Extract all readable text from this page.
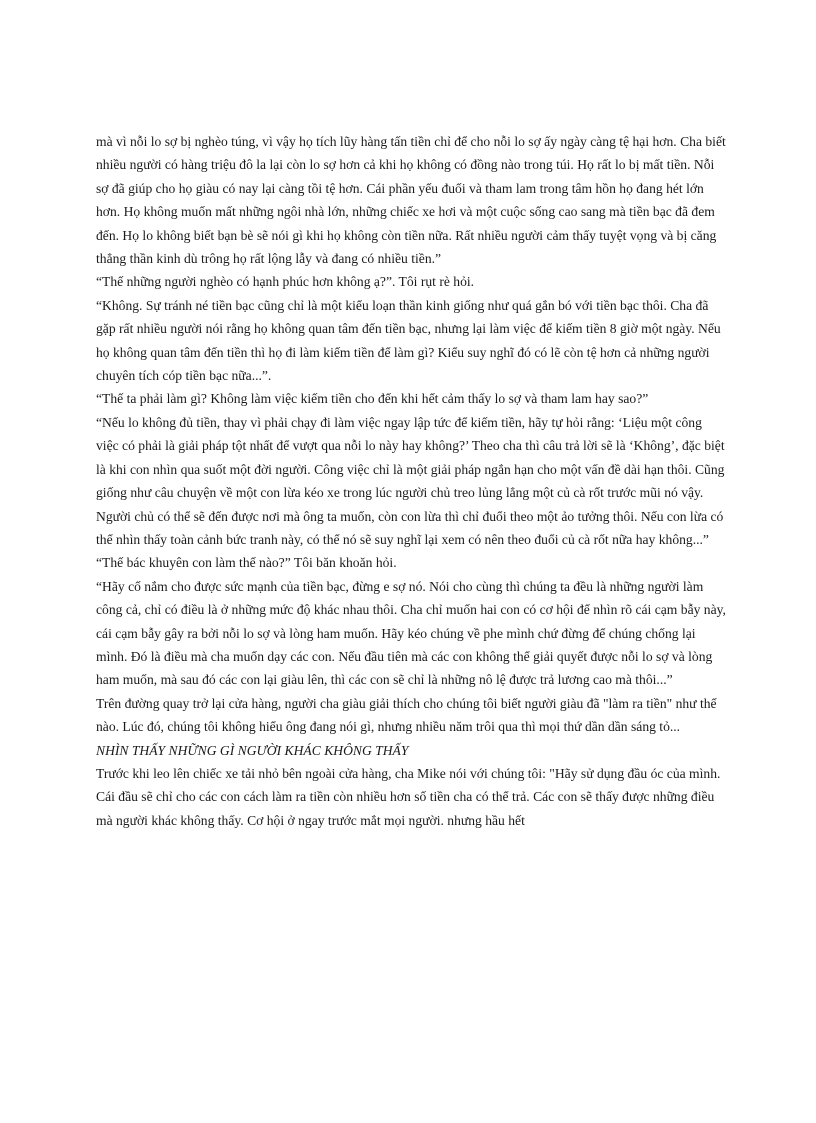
mà vì nỗi lo sợ bị nghèo túng, vì vậy họ tích lũy hàng tấn tiền chỉ để cho nỗi lo sợ ấy ngày càng tệ hại hơn. Cha biết nhiều người có hàng triệu đô la lại còn lo sợ hơn cả khi họ không có đồng nào trong túi. Họ rất lo bị mất tiền. Nỗi sợ đã giúp cho họ giàu có nay lại càng tồi tệ hơn. Cái phần yếu đuối và tham lam trong tâm hồn họ đang hét lớn hơn. Họ không muốn mất những ngôi nhà lớn, những chiếc xe hơi và một cuộc sống cao sang mà tiền bạc đã đem đến. Họ lo không biết bạn bè sẽ nói gì khi họ không còn tiền nữa. Rất nhiều người cảm thấy tuyệt vọng và bị căng thẳng thần kinh dù trông họ rất lộng lẫy và đang có nhiều tiền.”

“Thế những người nghèo có hạnh phúc hơn không ạ?”. Tôi rụt rè hỏi.

“Không. Sự tránh né tiền bạc cũng chỉ là một kiểu loạn thần kinh giống như quá gắn bó với tiền bạc thôi. Cha đã gặp rất nhiều người nói rằng họ không quan tâm đến tiền bạc, nhưng lại làm việc để kiếm tiền 8 giờ một ngày. Nếu họ không quan tâm đến tiền thì họ đi làm kiếm tiền để làm gì? Kiểu suy nghĩ đó có lẽ còn tệ hơn cả những người chuyên tích cóp tiền bạc nữa...”.

“Thế ta phải làm gì? Không làm việc kiếm tiền cho đến khi hết cảm thấy lo sợ và tham lam hay sao?”

“Nếu lo không đủ tiền, thay vì phải chạy đi làm việc ngay lập tức để kiếm tiền, hãy tự hỏi rằng: ‘Liệu một công việc có phải là giải pháp tột nhất để vượt qua nỗi lo này hay không?’ Theo cha thì câu trả lời sẽ là ‘Không’, đặc biệt là khi con nhìn qua suốt một đời người. Công việc chỉ là một giải pháp ngắn hạn cho một vấn đề dài hạn thôi. Cũng giống như câu chuyện về một con lừa kéo xe trong lúc người chủ treo lủng lẳng một củ cà rốt trước mũi nó vậy. Người chủ có thể sẽ đến được nơi mà ông ta muốn, còn con lừa thì chỉ đuổi theo một ảo tưởng thôi. Nếu con lừa có thể nhìn thấy toàn cảnh bức tranh này, có thể nó sẽ suy nghĩ lại xem có nên theo đuổi củ cà rốt nữa hay không...”

“Thế bác khuyên con làm thế nào?” Tôi băn khoăn hỏi.

“Hãy cố nắm cho được sức mạnh của tiền bạc, đừng e sợ nó. Nói cho cùng thì chúng ta đều là những người làm công cả, chỉ có điều là ở những mức độ khác nhau thôi. Cha chỉ muốn hai con có cơ hội để nhìn rõ cái cạm bẫy này, cái cạm bẫy gây ra bởi nỗi lo sợ và lòng ham muốn. Hãy kéo chúng về phe mình chứ đừng để chúng chống lại mình. Đó là điều mà cha muốn dạy các con. Nếu đầu tiên mà các con không thể giải quyết được nỗi lo sợ và lòng ham muốn, mà sau đó các con lại giàu lên, thì các con sẽ chỉ là những nô lệ được trả lương cao mà thôi...”

Trên đường quay trở lại cửa hàng, người cha giàu giải thích cho chúng tôi biết người giàu đã "làm ra tiền" như thế nào. Lúc đó, chúng tôi không hiểu ông đang nói gì, nhưng nhiều năm trôi qua thì mọi thứ dần dần sáng tỏ...

NHÌN THẤY NHỮNG GÌ NGƯỜI KHÁC KHÔNG THẤY

Trước khi leo lên chiếc xe tải nhỏ bên ngoài cửa hàng, cha Mike nói với chúng tôi: "Hãy sử dụng đầu óc của mình. Cái đầu sẽ chỉ cho các con cách làm ra tiền còn nhiều hơn số tiền cha có thể trả. Các con sẽ thấy được những điều mà người khác không thấy. Cơ hội ở ngay trước mắt mọi người. nhưng hầu hết
